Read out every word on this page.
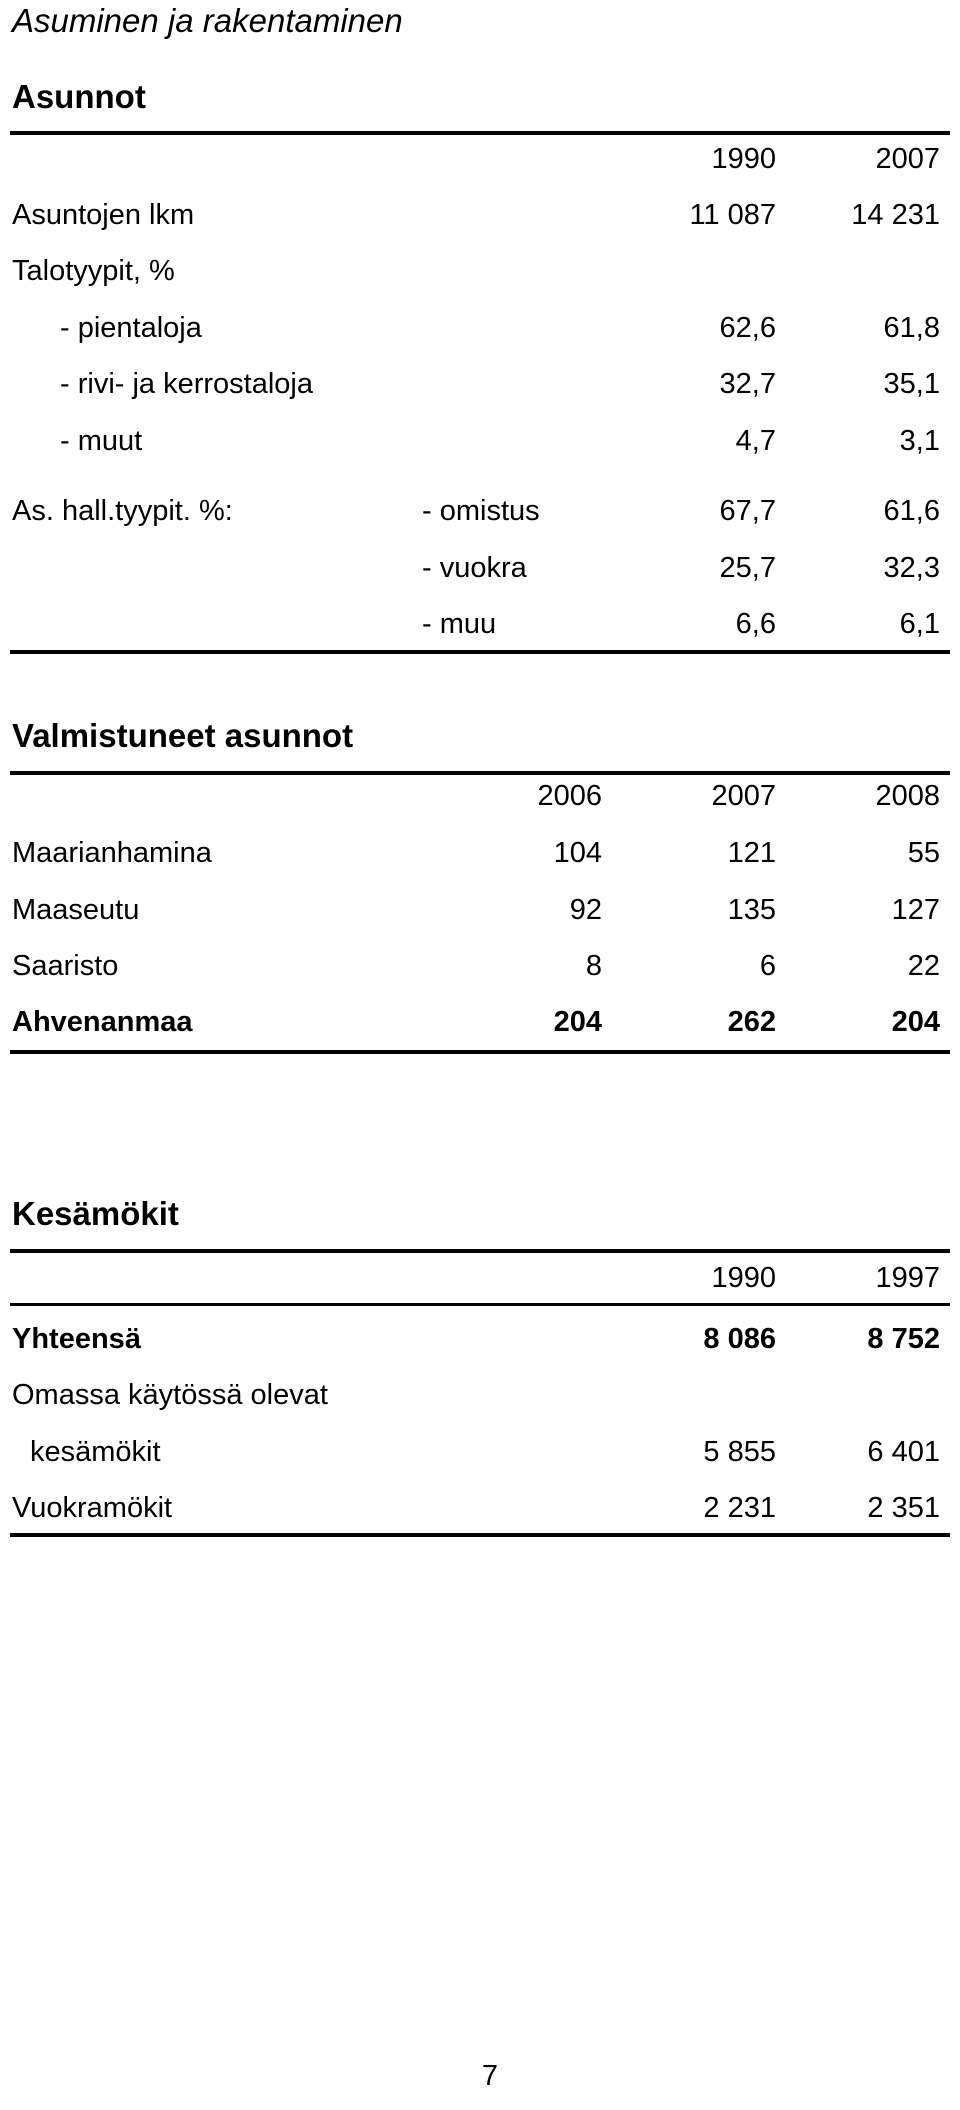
Asuminen ja rakentaminen
Asunnot
1990	2007
Asuntojen lkm	11 087	14 231
Talotyypit, %
- pientaloja	62,6	61,8
- rivi- ja kerrostaloja	32,7	35,1
- muut	4,7	3,1
As. hall.tyypit. %:	- omistus	67,7	61,6
- vuokra	25,7	32,3
- muu	6,6	6,1
Valmistuneet asunnot
2006	2007	2008
Maarianhamina	104	121	55
Maaseutu	92	135	127
Saaristo	8	6	22
Ahvenanmaa	204	262	204
Kesämökit
1990	1997
Yhteensä	8 086	8 752
Omassa käytössä olevat
kesämökit	5 855	6 401
Vuokramökit	2 231	2 351
7
